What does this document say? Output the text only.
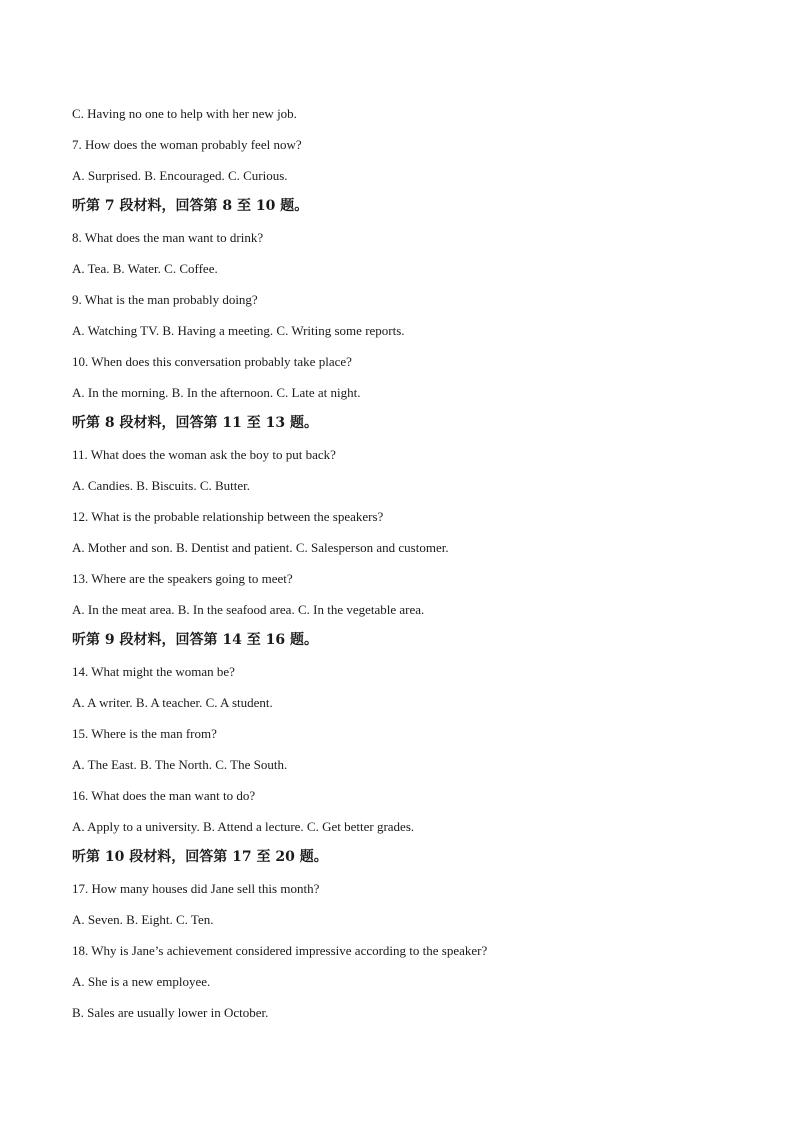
C. Having no one to help with her new job.
7. How does the woman probably feel now?
A. Surprised. B. Encouraged. C. Curious.
听第 7 段材料，回答第 8 至 10 题。
8. What does the man want to drink?
A. Tea. B. Water. C. Coffee.
9. What is the man probably doing?
A. Watching TV. B. Having a meeting. C. Writing some reports.
10. When does this conversation probably take place?
A. In the morning. B. In the afternoon. C. Late at night.
听第 8 段材料，回答第 11 至 13 题。
11. What does the woman ask the boy to put back?
A. Candies. B. Biscuits. C. Butter.
12. What is the probable relationship between the speakers?
A. Mother and son. B. Dentist and patient. C. Salesperson and customer.
13. Where are the speakers going to meet?
A. In the meat area. B. In the seafood area. C. In the vegetable area.
听第 9 段材料，回答第 14 至 16 题。
14. What might the woman be?
A. A writer. B. A teacher. C. A student.
15. Where is the man from?
A. The East. B. The North. C. The South.
16. What does the man want to do?
A. Apply to a university. B. Attend a lecture. C. Get better grades.
听第 10 段材料，回答第 17 至 20 题。
17. How many houses did Jane sell this month?
A. Seven. B. Eight. C. Ten.
18. Why is Jane’s achievement considered impressive according to the speaker?
A. She is a new employee.
B. Sales are usually lower in October.
